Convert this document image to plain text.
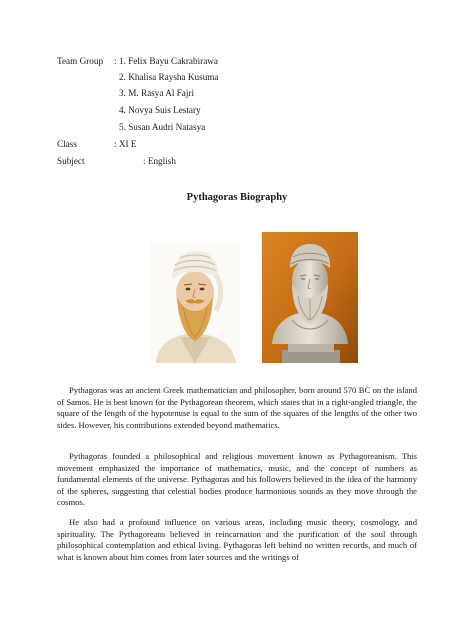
Team Group : 1. Felix Bayu Cakrabirawa
2. Khalisa Raysha Kusuma
3. M. Rasya Al Fajri
4. Novya Suis Lestary
5. Susan Audri Natasya
Class	: XI E
Subject	: English
Pythagoras Biography

Pythagoras was an ancient Greek mathematician and philosopher, born around 570 BC on the island of Samos. He is best known for the Pythagorean theorem, which states that in a right-angled triangle, the square of the length of the hypotenuse is equal to the sum of the squares of the lengths of the other two sides. However, his contributions extended beyond mathematics.

Pythagoras founded a philosophical and religious movement known as Pythagoreanism. This movement emphasized the importance of mathematics, music, and the concept of numbers as fundamental elements of the universe. Pythagoras and his followers believed in the idea of the harmony of the spheres, suggesting that celestial bodies produce harmonious sounds as they move through the cosmos.

He also had a profound influence on various areas, including music theory, cosmology, and spirituality. The Pythagoreans believed in reincarnation and the purification of the soul through philosophical contemplation and ethical living. Pythagoras left behind no written records, and much of what is known about him comes from later sources and the writings of
